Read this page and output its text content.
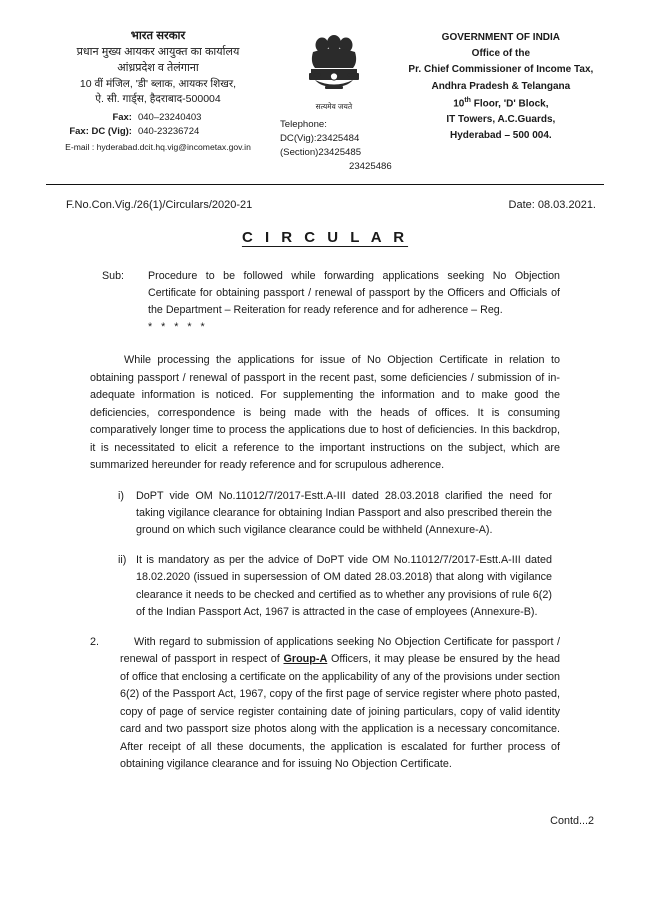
भारत सरकार
प्रधान मुख्य आयकर आयुक्त का कार्यालय
आंध्रप्रदेश व तेलंगाना
10 वीं मंजिल, 'डी' ब्लाक, आयकर शिखर,
ऐ. सी. गार्ड्स, हैदराबाद-500004
Fax: 040–23240403
Fax: DC (Vig): 040-23236724
E-mail : hyderabad.dcit.hq.vig@incometax.gov.in
सत्यमेव जयते
Telephone:
DC(Vig):23425484
(Section)23425485
23425486
GOVERNMENT OF INDIA
Office of the
Pr. Chief Commissioner of Income Tax,
Andhra Pradesh & Telangana
10th Floor, 'D' Block,
IT Towers, A.C.Guards,
Hyderabad – 500 004.
F.No.Con.Vig./26(1)/Circulars/2020-21	Date: 08.03.2021.
C I R C U L A R
Sub:	Procedure to be followed while forwarding applications seeking No Objection Certificate for obtaining passport / renewal of passport by the Officers and Officials of the Department – Reiteration for ready reference and for adherence – Reg.
* * * * *
While processing the applications for issue of No Objection Certificate in relation to obtaining passport / renewal of passport in the recent past, some deficiencies / submission of in-adequate information is noticed. For supplementing the information and to make good the deficiencies, correspondence is being made with the heads of offices. It is consuming comparatively longer time to process the applications due to host of deficiencies. In this backdrop, it is necessitated to elicit a reference to the important instructions on the subject, which are summarized hereunder for ready reference and for scrupulous adherence.
i)	DoPT vide OM No.11012/7/2017-Estt.A-III dated 28.03.2018 clarified the need for taking vigilance clearance for obtaining Indian Passport and also prescribed therein the ground on which such vigilance clearance could be withheld (Annexure-A).
ii) It is mandatory as per the advice of DoPT vide OM No.11012/7/2017-Estt.A-III dated 18.02.2020 (issued in supersession of OM dated 28.03.2018) that along with vigilance clearance it needs to be checked and certified as to whether any provisions of rule 6(2) of the Indian Passport Act, 1967 is attracted in the case of employees (Annexure-B).
2.	With regard to submission of applications seeking No Objection Certificate for passport / renewal of passport in respect of Group-A Officers, it may please be ensured by the head of office that enclosing a certificate on the applicability of any of the provisions under section 6(2) of the Passport Act, 1967, copy of the first page of service register where photo pasted, copy of page of service register containing date of joining particulars, copy of valid identity card and two passport size photos along with the application is a necessary concomitance. After receipt of all these documents, the application is escalated for further process of obtaining vigilance clearance and for issuing No Objection Certificate.
Contd...2
